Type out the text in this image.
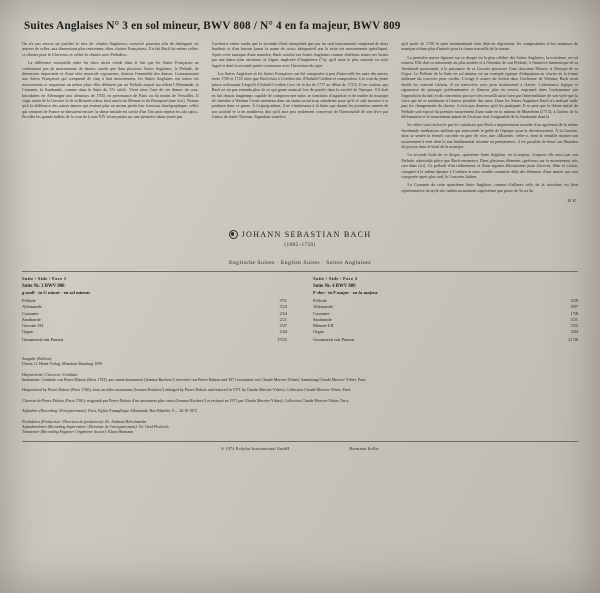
Suites Anglaises N° 3 en sol mineur, BWV 808 / N° 4 en fa majeur, BWV 809

On n'a pas encore pu justifier le titre dit «Suites Anglaises» conservé pourtant afin de distinguer cet œuvres de celles, aux dimensions plus restreintes, dites «Suites Françaises». En fait Bach lui-même celles-ci «Suites pour le Clavecin» et celles-là «Suites avec Préludes».

La différence essentielle entre les deux séries réside dans le fait que les Suites Françaises ne contiennent pas de mouvements de danses, tandis que dans plusieurs Suites Anglaises, le Prélude, de dimension importante et d'une sève musicale vigoureuse, domine l'ensemble des danses. Contrairement aux Suites Françaises qui comprend de cinq à huit mouvements, les Suites Anglaises ont toutes six mouvements et respectent un même plan: elles débutent par un Prélude auquel succèdent l'Allemande, la Courante, la Sarabande, comme dans la Suite du 17e siècle. Vient alors l'une de ces danses de cour, introduites en Allemagne aux alentours de 1700, en provenance de Paris ou du moins de Versailles. Il s'agit tantôt de la Gavotte et de la Bourrée (deux fois) tantôt du Menuet et du Passepied (une fois). Notons qu'à la différence des autres danses qui avaient plus ou moins perdu leur fonction chorégraphique, celles qui venaient de France se dansaient encore: la danse initiale est suivie d'un Trio puis reprise en «da capo». En effet les grands ballets de la cour de Louis XIV n'exerçaient sur une première danse jouée par

l'orchestre entier tandis que la seconde s'était interprétée que par un seul instrumental comprend de deux hautbois et d'un basson (aussi la nome de «trio» désignait-il par la suite ses mouvements spécifique). Après cette musique d'une manière, Bach conclut ses Suites Anglaises comme d'ailleurs toutes ses Suites par une danse plus ancienne, la Gigue, implorée d'Angleterre (7a), qu'il insta le plus souvent en style fugué et dont la seconde partie commence avec l'inversion du sujet.

Les Suites Anglaises et les Suites Françaises ont été composées à peu d'intervalle les unes des autres, entre 1720 et 1723 alors que Bach était à Coethen duc d'Anhalt-Coethen et compositeur à la cour du jeune prince mélomane Léopold d'Anhalt-Coethen (ceci de la fin de 1717 au début de 1723). Il est curieux que Bach ne ait pas entendu plus de ce qui genre musical lors de pareils dans la société de l'époque. S'il était en fait depuis longtemps capable de composer une suite, se fonctions d'organiste et de maître de musique de chambre à Weimar l'avait maintenu dans un statut social trop subalterne pour qu'il se crût autorisé à se produire dans ce genre. À Leipzig même, il ne s'intéressera à la Suite que durant les premières années de son activité et si en nombreux dits qu'il aura pris seulement concevoir de l'homonalité de son livre par Cantor de Saint-Thomas. Signalons toutefois

qu'à partir de 1730 la suite instrumentale était déjà en régression, les compositeurs et les amateurs de musique n'étant plus d'intérêt pour la forme nouvelle de la sonate.

La première œuvre figurant sur ce disque est la plus célèbre des Suites Anglaises, la troisième, en sol mineur. Elle doit sa renommée au plus austère et à l'étendue de son Prélude, à l'intuitive harmonique de sa Sarabande passionnée, à la puissance de sa Gavotte gracieuse l'une chaconne Maurre, à l'énergie de sa Gigue. Le Prélude de la Suite en sol mineur est un exemple typique d'adaptation au clavier de la forme italienne du concerto pour cordes. L'orage il assure du violon dans l'orchestre de Weimar, Bach avait étudié les concerti italiens. Il en transcrivis avec pour instrumente à clavier. L'alternance logique et rigoureuse de passages prédominantes et d'autres plus en renvoi, exprimée dans l'ordonnance par l'opposition du tutti et du concertino procure très recueilli aussi bien par l'intermédiaire de son style que la force qui ne se tardement à l'œuvre possible des mots. Dans les Suites Anglaises Bach n'a indiqué nulle part les changements de clavier; il n'est pas douteux qu'il les pratiquait. Il se peut que la thème initial du Prélude soit exposé du premier mouvement d'une suite en ut mineur de Muerheim (1714), à l'auteur de la déclamation et le mouvement animé de l'écriture font l'originalité de la Sarabande dont la

les effets sont renforcés par les variations que Bach a négativement mondée d'un agrément de la même Sarabande: médiations sublime qui transcende le gelée de l'époque pour la divertissement. À la Gavotte, dont se semée la fermel, succède en gare de vice, une «Musette» celle-ci, dont la sensible montre son mouvement à vent dont la son fondamental résonne en permanence, il est possible de baser sur l'humeur de paysan dans le bruit de la musique.

La seconde Suite de ce disque, quatrième Suite Anglaise, en fa majeur, s'impose elle aussi par son Prélude, admirable pièce que Bach remaniera. Dans plusieurs éléments «précieux sur le mouvement, très rare dans (ici). Ce prélude d'un raffinement et d'une rigueur éblouissante pour clavecin, flûte et violon, comparé à la même époque à Coethen et sous semble connaitre déjà des éléments d'une œuvre qui sera composée après plus tard, le Concerto Italien.

La Courante de cette quatrième Suite Anglaise, comme d'ailleurs celle de la troisième est bien représentative du style trio italien au moment capricieuse que passe de 5a au 4a.

H.K.
JOHANN SEBASTIAN BACH
(1685–1750)
Englische Suiten · English Suites · Suites Anglaises
Suite / Side / Face 1
Suite Nr. 3 BWV 808
g-moll · in G minor · en sol mineur
Prélude	3'51
Allemande	3'24
Courante	2'24
Sarabande	2'21
Gavotte I/II	3'27
Gigue	2'44
Gesamtzeit mit Pausen	19'25
Suite / Side / Face 2
Suite Nr. 4 BWV 809
F-dur · in F major · en fa majeur
Prélude	4'29
Allemande	3'07
Courante	1'58
Sarabande	3'21
Menuet I/II	3'22
Gigue	3'44
Gesamtzeit mit Pausen	21'30
Ausgabe (Edition):
Urtext, G. Henle Verlag, München-Duisburg 1958
Harpsichord / Clavecin / Cembalo:
Instrument: Cembalo von Pierre Dubois (Paris 1792), aus einem Instrument (Jeannot Ruckers?) erweitert von Pierre Dubois und 1971 restauriert von Claude Mercier-Ythier), Sammlung Claude Mercier-Ythier, Paris
Harpsichord by Pierre Dubois (Paris 1760), from an older instrument (Jeannot Ruckers?) enlarged by Pierre Dubois and restored in 1971 by Claude Mercier-Ythier), Collection Claude Mercier-Ythier, Paris
Clavecin de Pierre Dubois (Paris 1760), réagrandi par Pierre Dubois d'un instrument plus vieux (Jeannot Ruckers?) et restauré en 1971 par Claude Mercier-Ythier), Collection Claude Mercier-Ythier, Paris
Aufnahme (Recording / Enregistrement): Paris, Eglise Evangélique Allemande, Rue Blanche, 9.—16.10.1972
Produktion (Production / Direction de production): Dr. Andreas Holschneider
Aufnahmeleiter (Recording Supervision / Directeur de l'enregistrement): Dr. Gerd Ploebsch
Tonmeister (Recording Engineer / Ingénieur du son): Klaus Hiemann
℗ 1974 Polydor International GmbH	Hermann Keller
